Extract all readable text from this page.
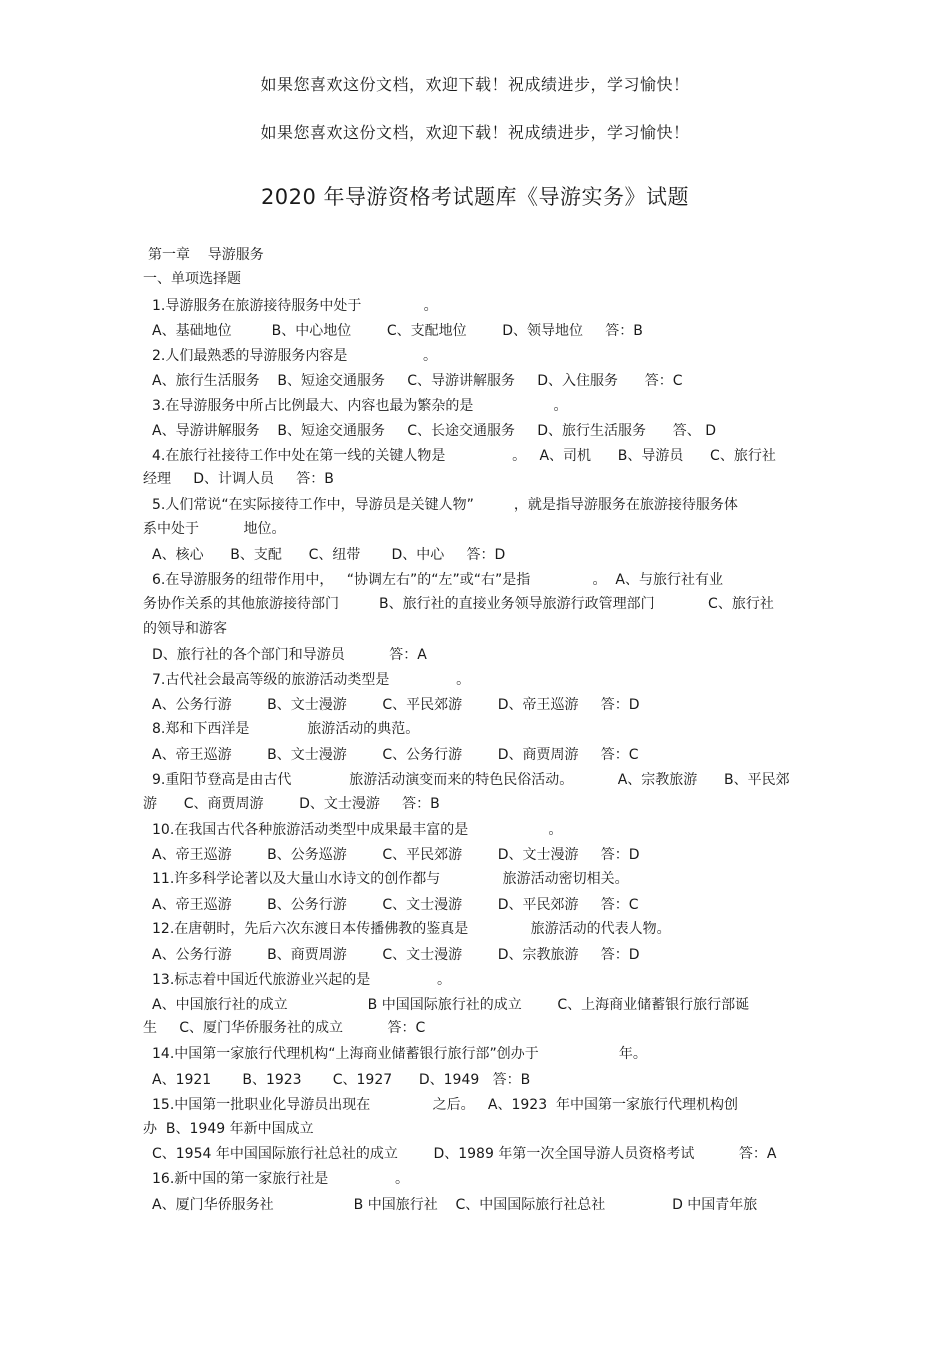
如果您喜欢这份文档，欢迎下载！祝成绩进步，学习愉快！
如果您喜欢这份文档，欢迎下载！祝成绩进步，学习愉快！
2020 年导游资格考试题库《导游实务》试题
第一章    导游服务
一、单项选择题
1.导游服务在旅游接待服务中处于              。
A、基础地位         B、中心地位        C、支配地位        D、领导地位     答：B
2.人们最熟悉的导游服务内容是                 。
A、旅行生活服务    B、短途交通服务     C、导游讲解服务     D、入住服务      答：C
3.在导游服务中所占比例最大、内容也最为繁杂的是                  。
A、导游讲解服务    B、短途交通服务     C、长途交通服务     D、旅行生活服务      答、 D
4.在旅行社接待工作中处在第一线的关键人物是               。   A、司机      B、导游员      C、旅行社
经理     D、计调人员     答：B
5.人们常说“在实际接待工作中，导游员是关键人物”         ，就是指导游服务在旅游接待服务体
系中处于          地位。
A、核心      B、支配      C、纽带       D、中心     答：D
6.在导游服务的纽带作用中，   “协调左右”的“左”或“右”是指              。  A、与旅行社有业
务协作关系的其他旅游接待部门         B、旅行社的直接业务领导旅游行政管理部门            C、旅行社
的领导和游客
D、旅行社的各个部门和导游员          答：A
7.古代社会最高等级的旅游活动类型是               。
A、公务行游        B、文士漫游        C、平民郊游        D、帝王巡游     答：D
8.郑和下西洋是             旅游活动的典范。
A、帝王巡游        B、文士漫游        C、公务行游        D、商贾周游     答：C
9.重阳节登高是由古代             旅游活动演变而来的特色民俗活动。          A、宗教旅游      B、平民郊
游      C、商贾周游        D、文士漫游     答：B
10.在我国古代各种旅游活动类型中成果最丰富的是                  。
A、帝王巡游        B、公务巡游        C、平民郊游        D、文士漫游     答：D
11.许多科学论著以及大量山水诗文的创作都与              旅游活动密切相关。
A、帝王巡游        B、公务行游        C、文士漫游        D、平民郊游     答：C
12.在唐朝时，先后六次东渡日本传播佛教的鉴真是              旅游活动的代表人物。
A、公务行游        B、商贾周游        C、文士漫游        D、宗教旅游     答：D
13.标志着中国近代旅游业兴起的是               。
A、中国旅行社的成立                  B 中国国际旅行社的成立        C、上海商业储蓄银行旅行部诞
生     C、厦门华侨服务社的成立          答：C
14.中国第一家旅行代理机构“上海商业储蓄银行旅行部”创办于                  年。
A、1921       B、1923       C、1927      D、1949   答：B
15.中国第一批职业化导游员出现在              之后。   A、1923  年中国第一家旅行代理机构创
办  B、1949 年新中国成立
C、1954 年中国国际旅行社总社的成立        D、1989 年第一次全国导游人员资格考试          答：A
16.新中国的第一家旅行社是               。
A、厦门华侨服务社                  B 中国旅行社    C、中国国际旅行社总社               D 中国青年旅
